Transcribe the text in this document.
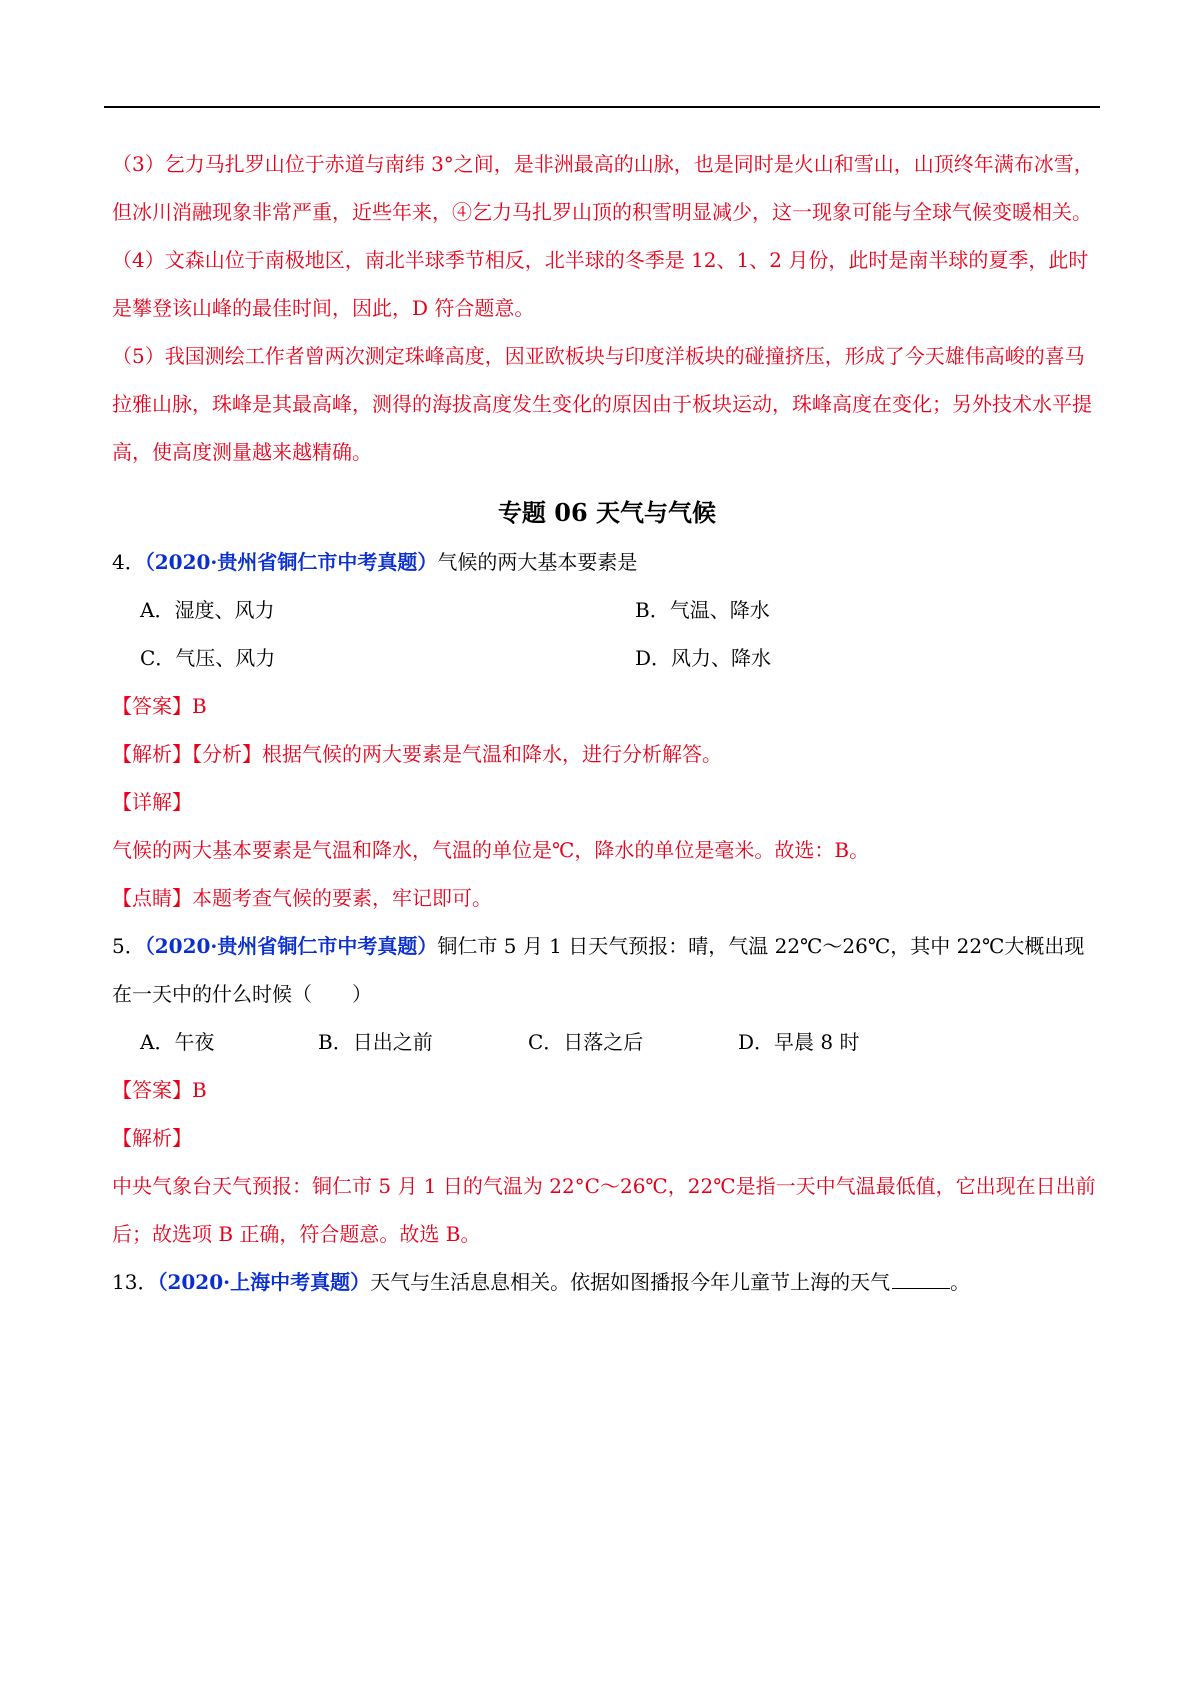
（3）乞力马扎罗山位于赤道与南纬 3°之间，是非洲最高的山脉，也是同时是火山和雪山，山顶终年满布冰雪，但冰川消融现象非常严重，近些年来，④乞力马扎罗山顶的积雪明显减少，这一现象可能与全球气候变暖相关。

（4）文森山位于南极地区，南北半球季节相反，北半球的冬季是 12、1、2 月份，此时是南半球的夏季，此时是攀登该山峰的最佳时间，因此，D 符合题意。

（5）我国测绘工作者曾两次测定珠峰高度，因亚欧板块与印度洋板块的碰撞挤压，形成了今天雄伟高峻的喜马拉雅山脉，珠峰是其最高峰，测得的海拔高度发生变化的原因由于板块运动，珠峰高度在变化；另外技术水平提高，使高度测量越来越精确。

专题 06 天气与气候

4．（2020·贵州省铜仁市中考真题）气候的两大基本要素是

A．湿度、风力	B．气温、降水
C．气压、风力	D．风力、降水

【答案】B

【解析】【分析】根据气候的两大要素是气温和降水，进行分析解答。

【详解】

气候的两大基本要素是气温和降水，气温的单位是℃，降水的单位是毫米。故选：B。

【点睛】本题考查气候的要素，牢记即可。

5．（2020·贵州省铜仁市中考真题）铜仁市 5 月 1 日天气预报：晴，气温 22℃～26℃，其中 22℃大概出现在一天中的什么时候（　　）

A．午夜	B．日出之前	C．日落之后	D．早晨 8 时

【答案】B

【解析】

中央气象台天气预报：铜仁市 5 月 1 日的气温为 22°C～26℃，22℃是指一天中气温最低值，它出现在日出前后；故选项 B 正确，符合题意。故选 B。

13．（2020·上海中考真题）天气与生活息息相关。依据如图播报今年儿童节上海的天气	。
